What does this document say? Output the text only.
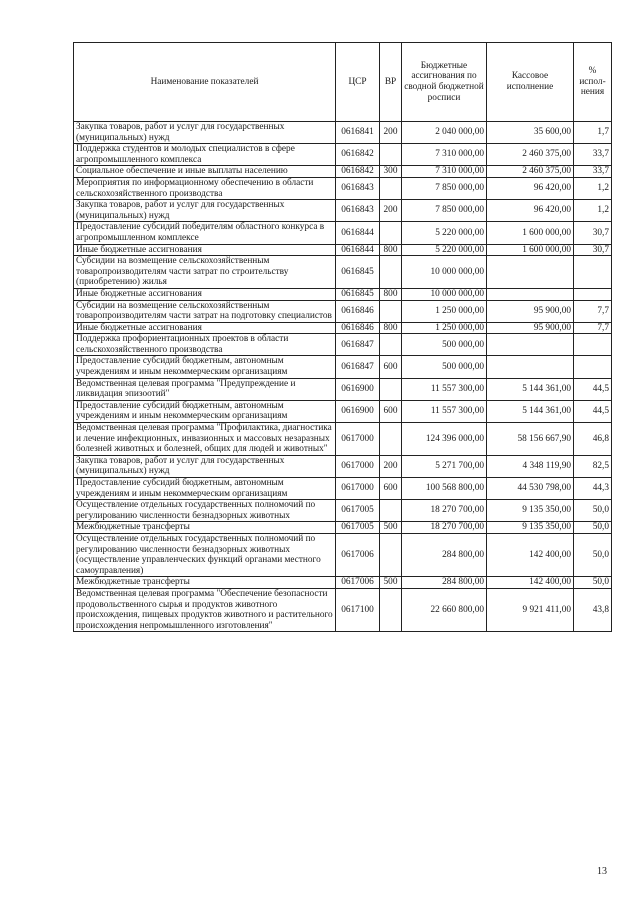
Наименование показателей	ЦСР	ВР	Бюджетные ассигнования по сводной бюджетной росписи	Кассовое исполнение	% испол- нения
Закупка товаров, работ и услуг для государственных (муниципальных) нужд	0616841	200	2 040 000,00	35 600,00	1,7
Поддержка студентов и молодых специалистов в сфере агропромышленного комплекса	0616842		7 310 000,00	2 460 375,00	33,7
Социальное обеспечение и иные выплаты населению	0616842	300	7 310 000,00	2 460 375,00	33,7
Мероприятия по информационному обеспечению в области сельскохозяйственного производства	0616843		7 850 000,00	96 420,00	1,2
Закупка товаров, работ и услуг для государственных (муниципальных) нужд	0616843	200	7 850 000,00	96 420,00	1,2
Предоставление субсидий победителям областного конкурса в агропромышленном комплексе	0616844		5 220 000,00	1 600 000,00	30,7
Иные бюджетные ассигнования	0616844	800	5 220 000,00	1 600 000,00	30,7
Субсидии на возмещение сельскохозяйственным товаропроизводителям части затрат по строительству (приобретению) жилья	0616845		10 000 000,00		
Иные бюджетные ассигнования	0616845	800	10 000 000,00		
Субсидии на возмещение сельскохозяйственным товаропроизводителям части затрат на подготовку специалистов	0616846		1 250 000,00	95 900,00	7,7
Иные бюджетные ассигнования	0616846	800	1 250 000,00	95 900,00	7,7
Поддержка профориентационных проектов в области сельскохозяйственного производства	0616847		500 000,00		
Предоставление субсидий бюджетным, автономным учреждениям и иным некоммерческим организациям	0616847	600	500 000,00		
Ведомственная целевая программа "Предупреждение и ликвидация эпизоотий"	0616900		11 557 300,00	5 144 361,00	44,5
Предоставление субсидий бюджетным, автономным учреждениям и иным некоммерческим организациям	0616900	600	11 557 300,00	5 144 361,00	44,5
Ведомственная целевая программа "Профилактика, диагностика и лечение инфекционных, инвазионных и массовых незаразных болезней животных и болезней, общих для людей и животных"	0617000		124 396 000,00	58 156 667,90	46,8
Закупка товаров, работ и услуг для государственных (муниципальных) нужд	0617000	200	5 271 700,00	4 348 119,90	82,5
Предоставление субсидий бюджетным, автономным учреждениям и иным некоммерческим организациям	0617000	600	100 568 800,00	44 530 798,00	44,3
Осуществление отдельных государственных полномочий по регулированию численности безнадзорных животных	0617005		18 270 700,00	9 135 350,00	50,0
Межбюджетные трансферты	0617005	500	18 270 700,00	9 135 350,00	50,0
Осуществление отдельных государственных полномочий по регулированию численности безнадзорных животных (осуществление управленческих функций органами местного самоуправления)	0617006		284 800,00	142 400,00	50,0
Межбюджетные трансферты	0617006	500	284 800,00	142 400,00	50,0
Ведомственная целевая программа "Обеспечение безопасности продовольственного сырья и продуктов животного происхождения, пищевых продуктов животного и растительного происхождения непромышленного изготовления"	0617100		22 660 800,00	9 921 411,00	43,8
13
